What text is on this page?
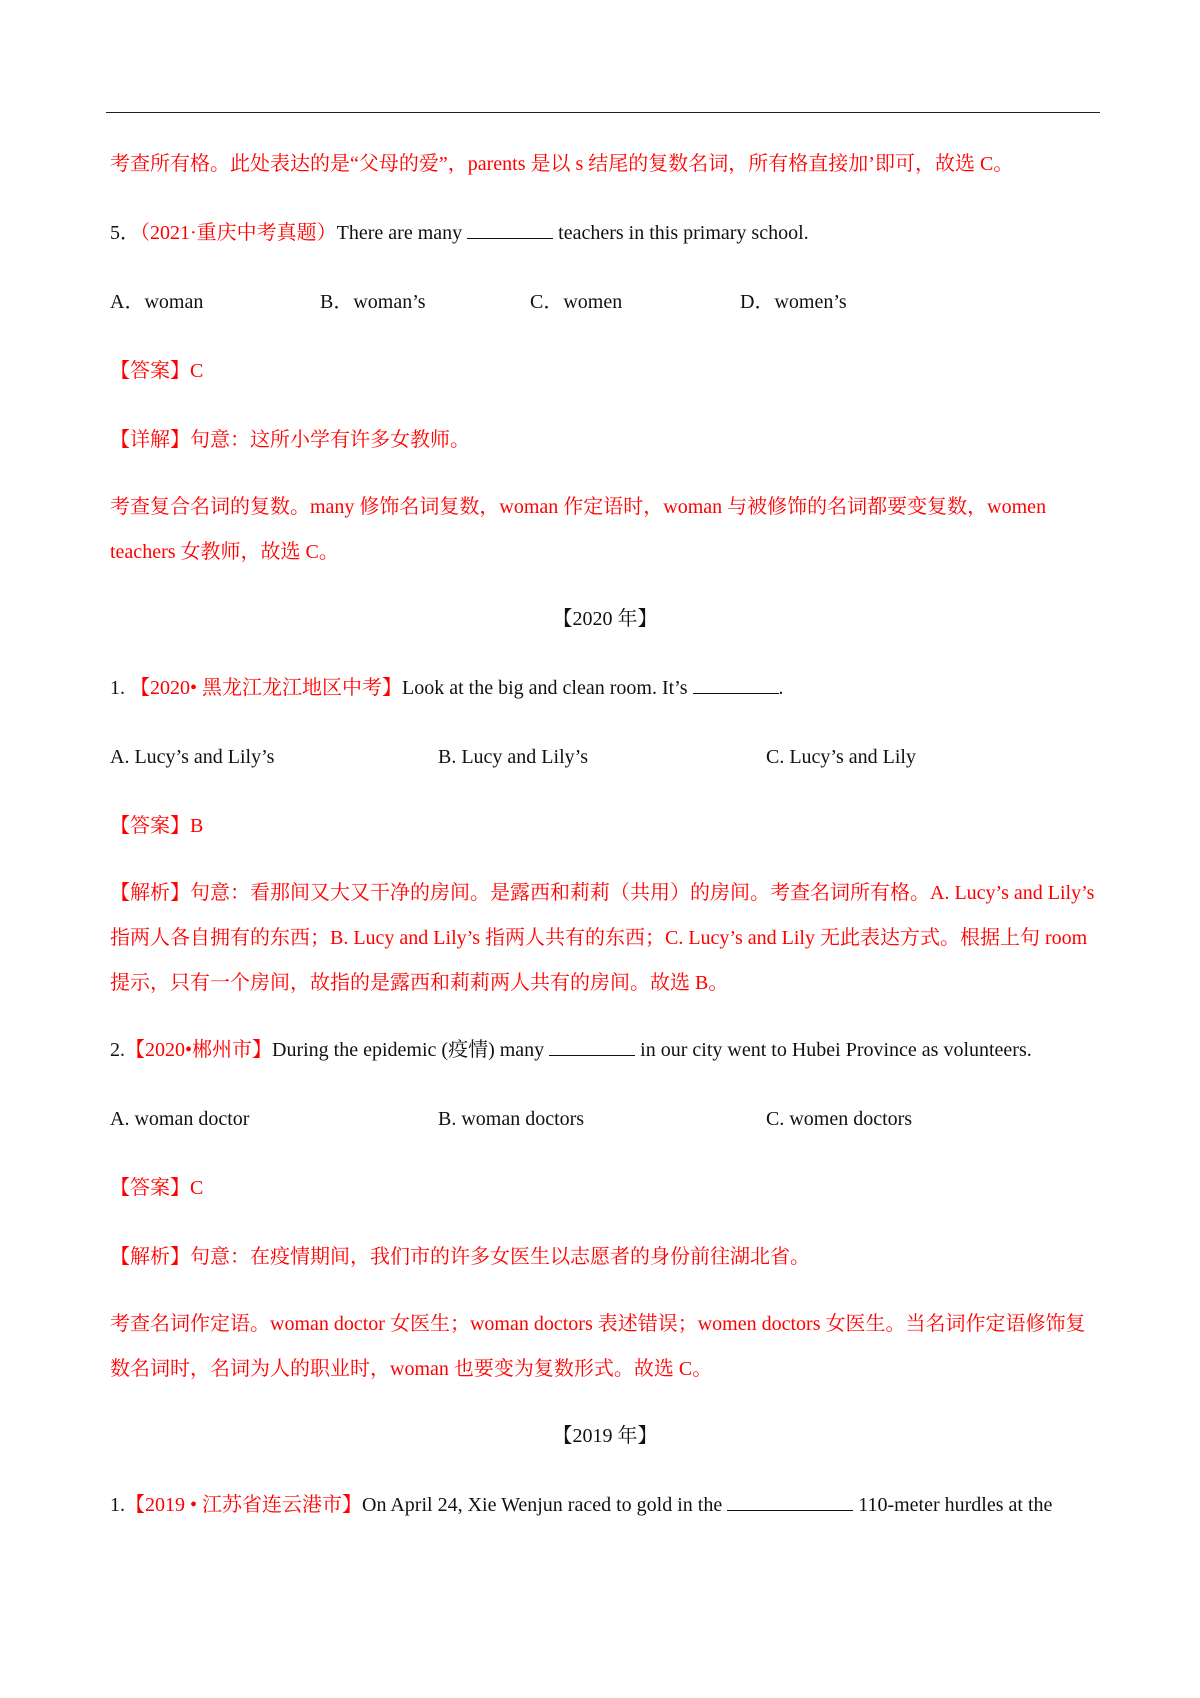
考查所有格。此处表达的是“父母的爱”，parents 是以 s 结尾的复数名词，所有格直接加’即可，故选 C。

5．（2021·重庆中考真题）There are many	teachers in this primary school.

A．woman	B．woman’s	C．women	D．women’s

【答案】C

【详解】句意：这所小学有许多女教师。

考查复合名词的复数。many 修饰名词复数，woman 作定语时，woman 与被修饰的名词都要变复数，women teachers 女教师，故选 C。

【2020 年】

1. 【2020• 黑龙江龙江地区中考】Look at the big and clean room. It’s	.

A. Lucy’s and Lily’s	B. Lucy and Lily’s	C. Lucy’s and Lily

【答案】B

【解析】句意：看那间又大又干净的房间。是露西和莉莉（共用）的房间。考查名词所有格。A. Lucy’s and Lily’s 指两人各自拥有的东西；B. Lucy and Lily’s 指两人共有的东西；C. Lucy’s and Lily 无此表达方式。根据上句 room 提示，只有一个房间，故指的是露西和莉莉两人共有的房间。故选 B。

2.【2020•郴州市】During the epidemic (疫情) many	in our city went to Hubei Province as volunteers.

A. woman doctor	B. woman doctors	C. women doctors

【答案】C

【解析】句意：在疫情期间，我们市的许多女医生以志愿者的身份前往湖北省。

考查名词作定语。woman doctor 女医生；woman doctors 表述错误；women doctors 女医生。当名词作定语修饰复数名词时，名词为人的职业时，woman 也要变为复数形式。故选 C。

【2019 年】

1.【2019 • 江苏省连云港市】On April 24, Xie Wenjun raced to gold in the	110-meter hurdles at the
